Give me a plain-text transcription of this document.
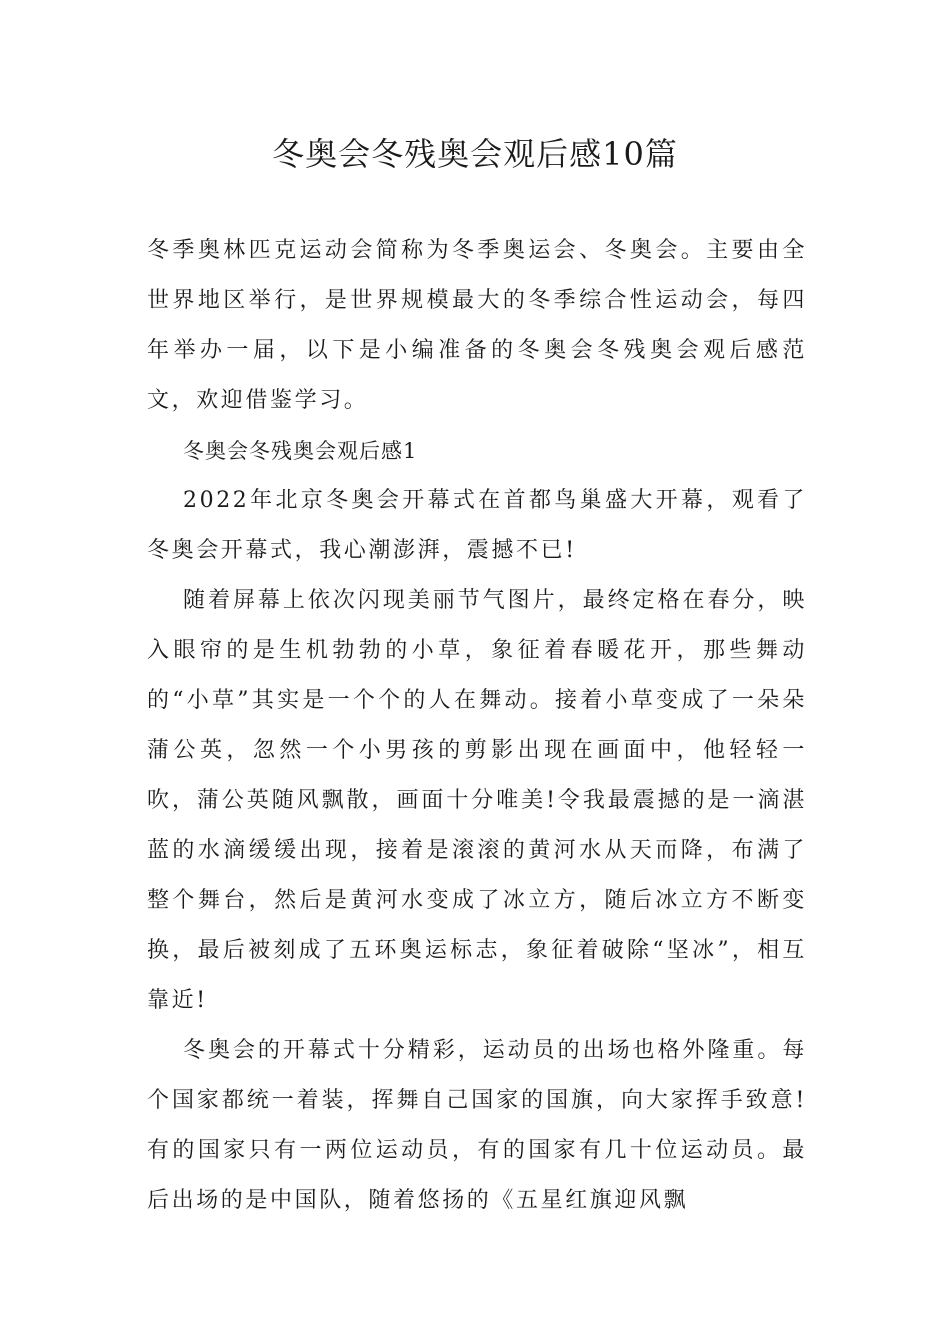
冬奥会冬残奥会观后感10篇

冬季奥林匹克运动会简称为冬季奥运会、冬奥会。主要由全世界地区举行，是世界规模最大的冬季综合性运动会，每四年举办一届，以下是小编准备的冬奥会冬残奥会观后感范文，欢迎借鉴学习。

冬奥会冬残奥会观后感1

2022年北京冬奥会开幕式在首都鸟巢盛大开幕，观看了冬奥会开幕式，我心潮澎湃，震撼不已!

随着屏幕上依次闪现美丽节气图片，最终定格在春分，映入眼帘的是生机勃勃的小草，象征着春暖花开，那些舞动的“小草”其实是一个个的人在舞动。接着小草变成了一朵朵蒲公英，忽然一个小男孩的剪影出现在画面中，他轻轻一吹，蒲公英随风飘散，画面十分唯美!令我最震撼的是一滴湛蓝的水滴缓缓出现，接着是滚滚的黄河水从天而降，布满了整个舞台，然后是黄河水变成了冰立方，随后冰立方不断变换，最后被刻成了五环奥运标志，象征着破除“坚冰”，相互靠近!

冬奥会的开幕式十分精彩，运动员的出场也格外隆重。每个国家都统一着装，挥舞自己国家的国旗，向大家挥手致意!有的国家只有一两位运动员，有的国家有几十位运动员。最后出场的是中国队，随着悠扬的《五星红旗迎风飘
